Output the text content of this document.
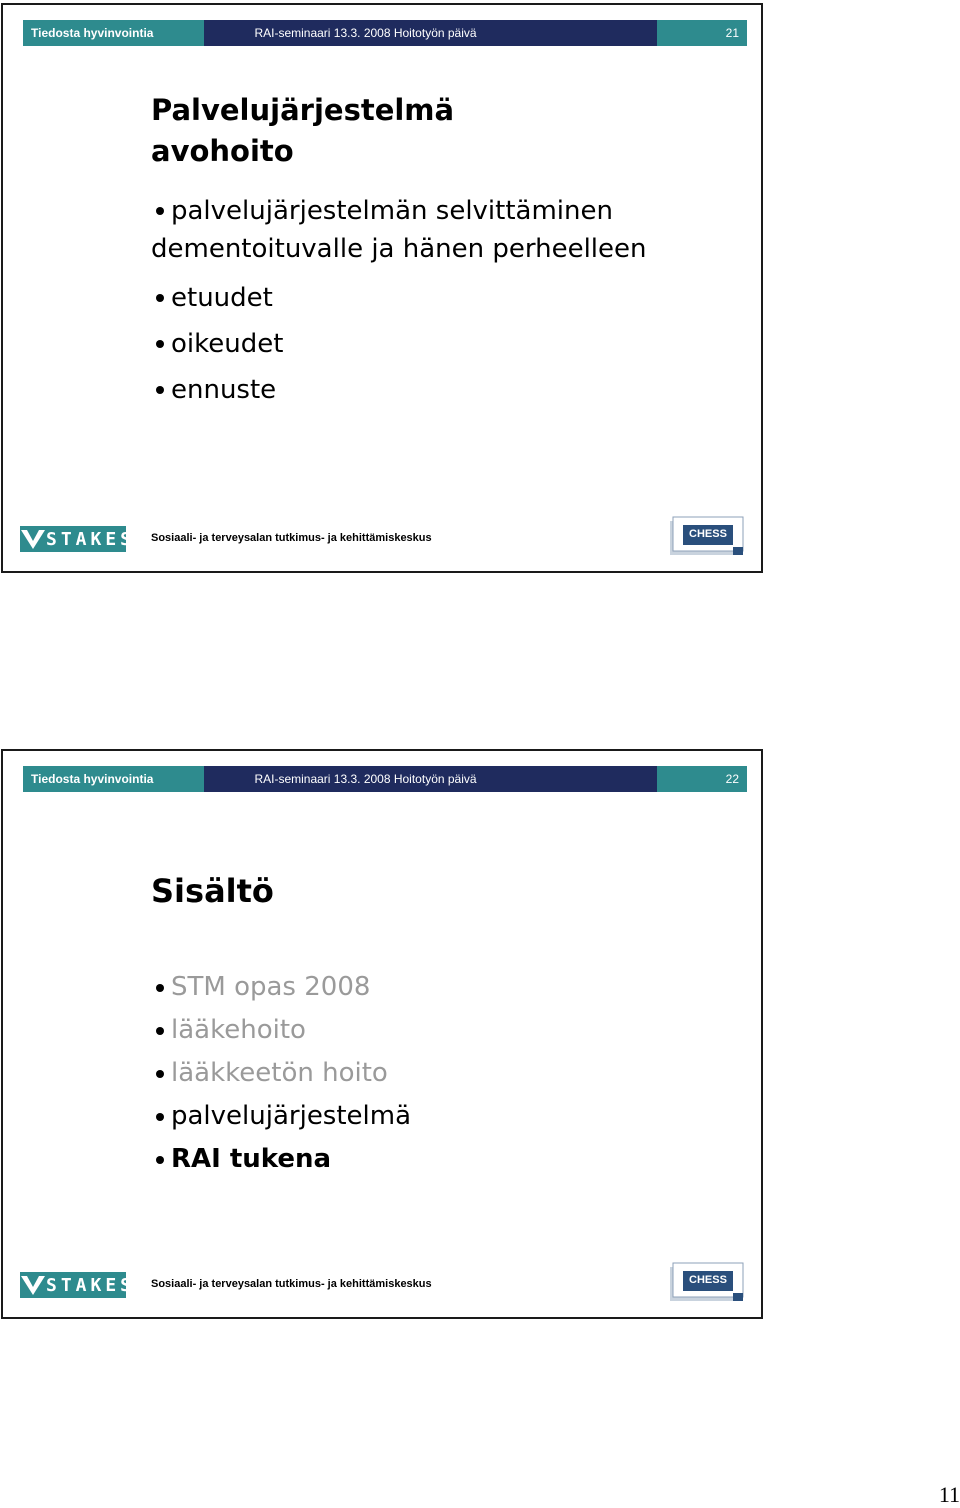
Tiedosta hyvinvointia	RAI-seminaari 13.3. 2008 Hoitotyön päivä	21
Palvelujärjestelmä
avohoito
palvelujärjestelmän selvittäminen
dementoituvalle ja hänen perheelleen
etuudet
oikeudet
ennuste
STAKES Sosiaali- ja terveysalan tutkimus- ja kehittämiskeskus	CHESS
Tiedosta hyvinvointia	RAI-seminaari 13.3. 2008 Hoitotyön päivä	22
Sisältö
STM opas 2008
lääkehoito
lääkkeetön hoito
palvelujärjestelmä
RAI tukena
STAKES Sosiaali- ja terveysalan tutkimus- ja kehittämiskeskus	CHESS
11
